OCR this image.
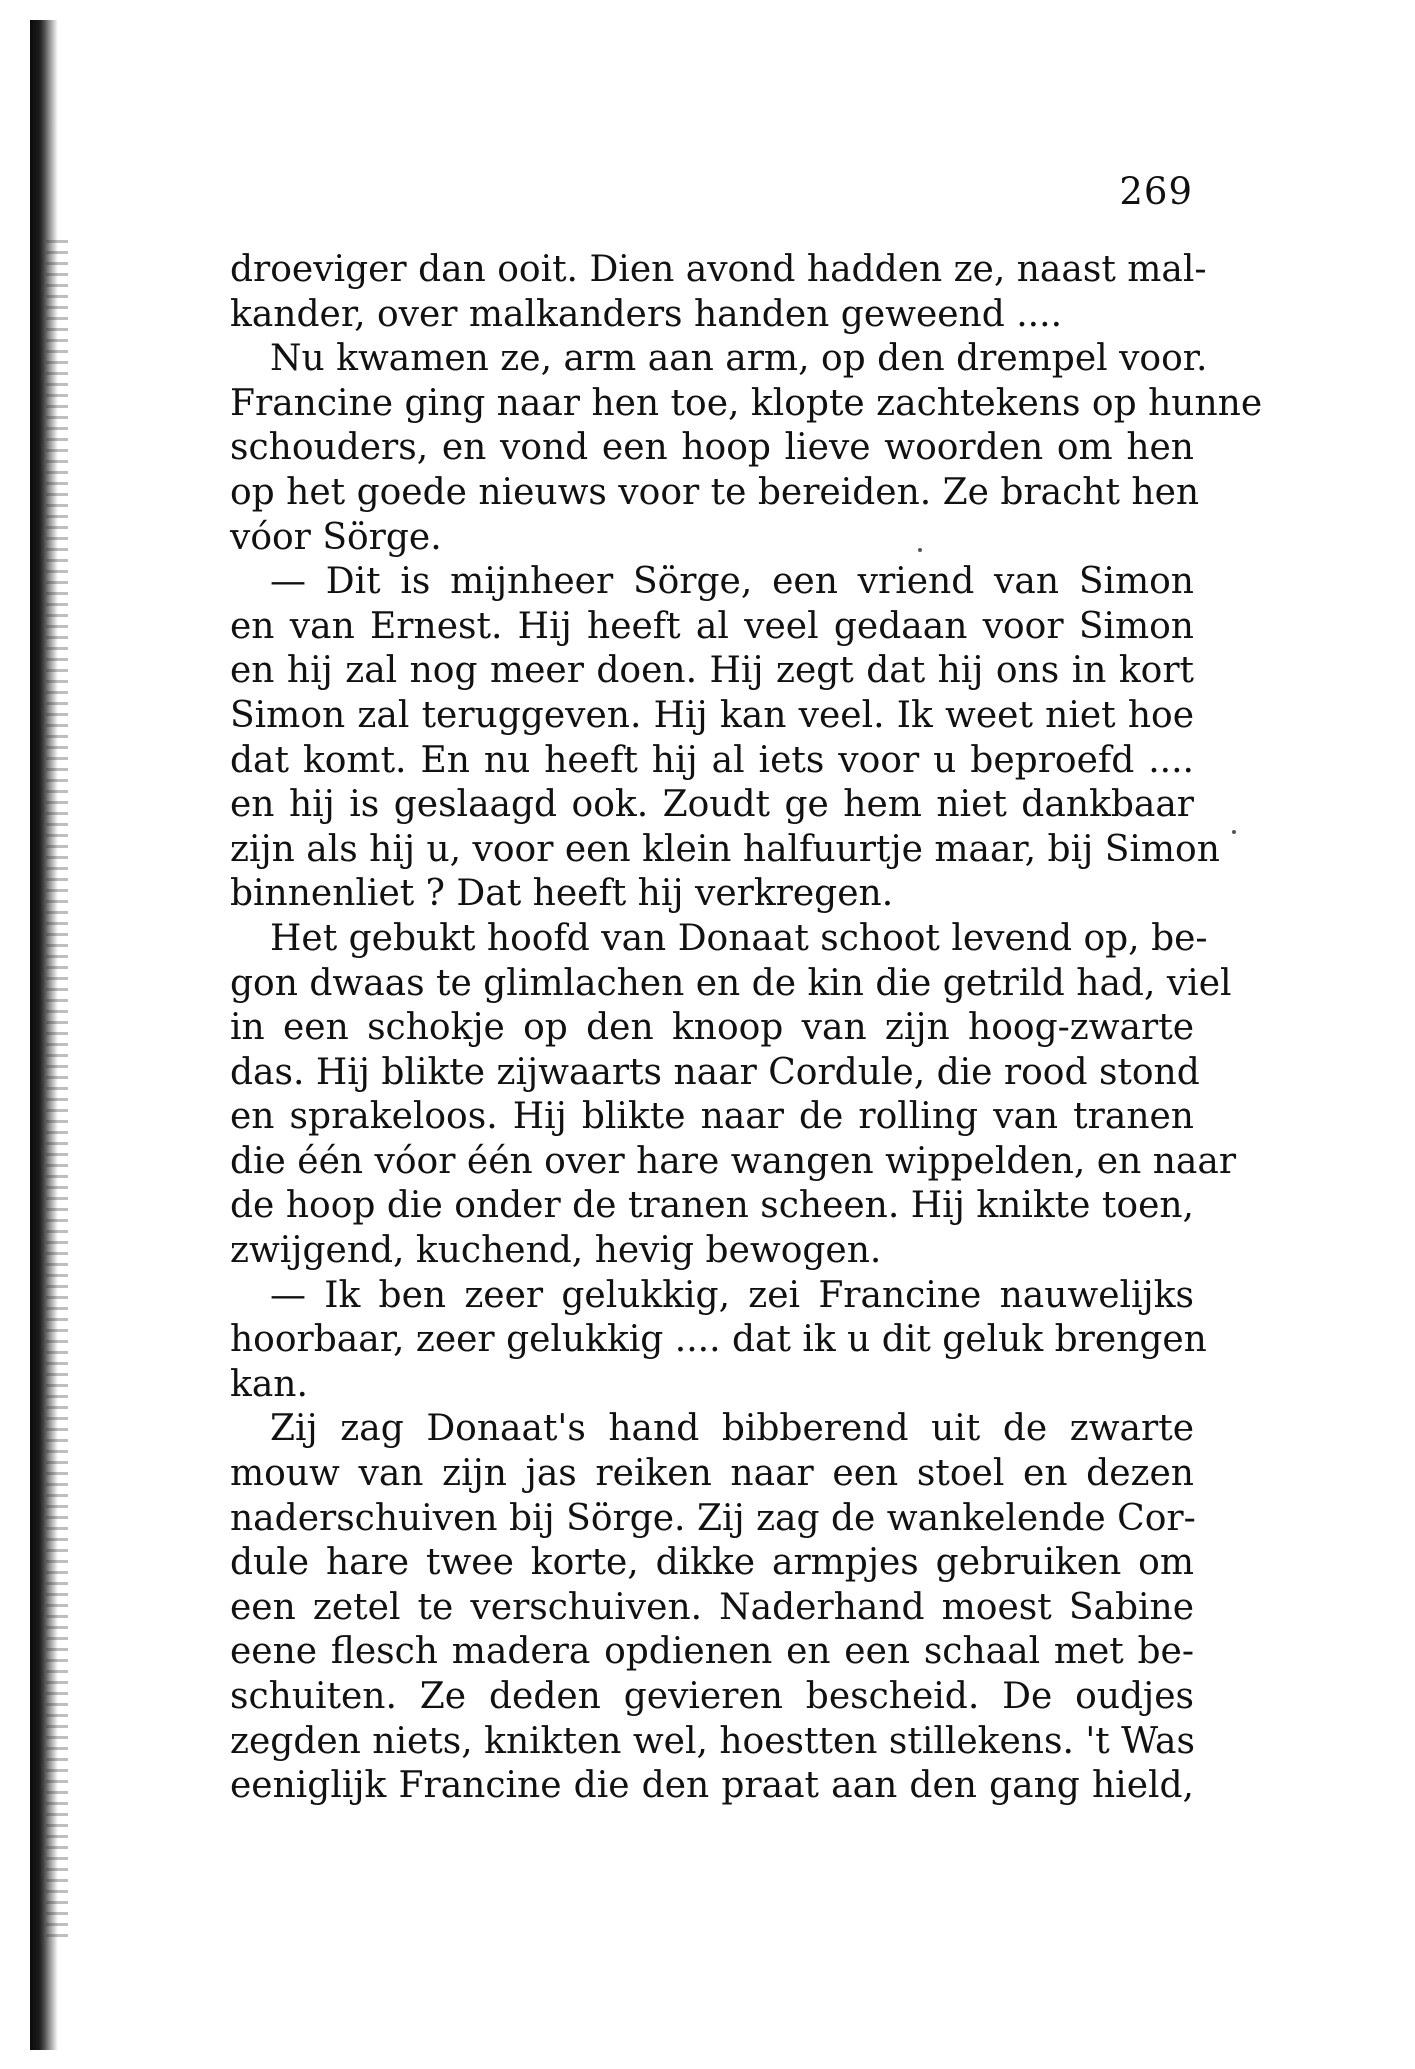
269
droeviger dan ooit. Dien avond hadden ze, naast mal-
kander, over malkanders handen geweend ....
Nu kwamen ze, arm aan arm, op den drempel voor.
Francine ging naar hen toe, klopte zachtekens op hunne
schouders, en vond een hoop lieve woorden om hen
op het goede nieuws voor te bereiden. Ze bracht hen
vóor Sörge.
— Dit is mijnheer Sörge, een vriend van Simon
en van Ernest. Hij heeft al veel gedaan voor Simon
en hij zal nog meer doen. Hij zegt dat hij ons in kort
Simon zal teruggeven. Hij kan veel. Ik weet niet hoe
dat komt. En nu heeft hij al iets voor u beproefd ....
en hij is geslaagd ook. Zoudt ge hem niet dankbaar
zijn als hij u, voor een klein halfuurtje maar, bij Simon
binnenliet ? Dat heeft hij verkregen.
Het gebukt hoofd van Donaat schoot levend op, be-
gon dwaas te glimlachen en de kin die getrild had, viel
in een schokje op den knoop van zijn hoog-zwarte
das. Hij blikte zijwaarts naar Cordule, die rood stond
en sprakeloos. Hij blikte naar de rolling van tranen
die één vóor één over hare wangen wippelden, en naar
de hoop die onder de tranen scheen. Hij knikte toen,
zwijgend, kuchend, hevig bewogen.
— Ik ben zeer gelukkig, zei Francine nauwelijks
hoorbaar, zeer gelukkig .... dat ik u dit geluk brengen
kan.
Zij zag Donaat's hand bibberend uit de zwarte
mouw van zijn jas reiken naar een stoel en dezen
naderschuiven bij Sörge. Zij zag de wankelende Cor-
dule hare twee korte, dikke armpjes gebruiken om
een zetel te verschuiven. Naderhand moest Sabine
eene flesch madera opdienen en een schaal met be-
schuiten. Ze deden gevieren bescheid. De oudjes
zegden niets, knikten wel, hoestten stillekens. 't Was
eeniglijk Francine die den praat aan den gang hield,
